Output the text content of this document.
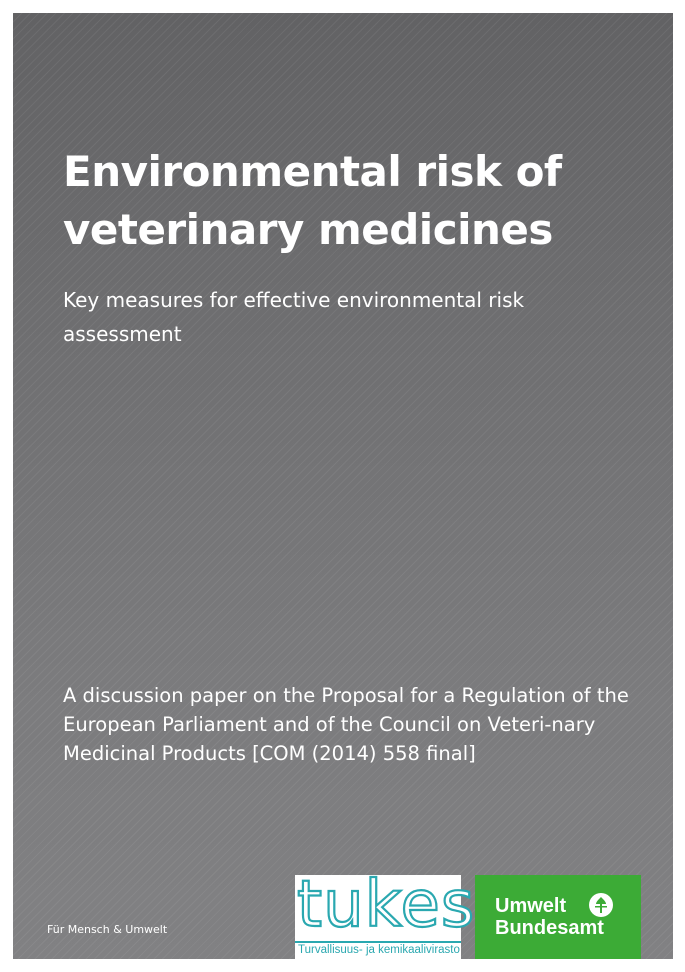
Environmental risk of veterinary medicines

Key measures for effective environmental risk assessment

A discussion paper on the Proposal for a Regulation of the European Parliament and of the Council on Veteri-nary Medicinal Products [COM (2014) 558 final]

Für Mensch & Umwelt tukes
Turvallisuus- ja kemikaalivirasto
Umwelt
Bundesamt
